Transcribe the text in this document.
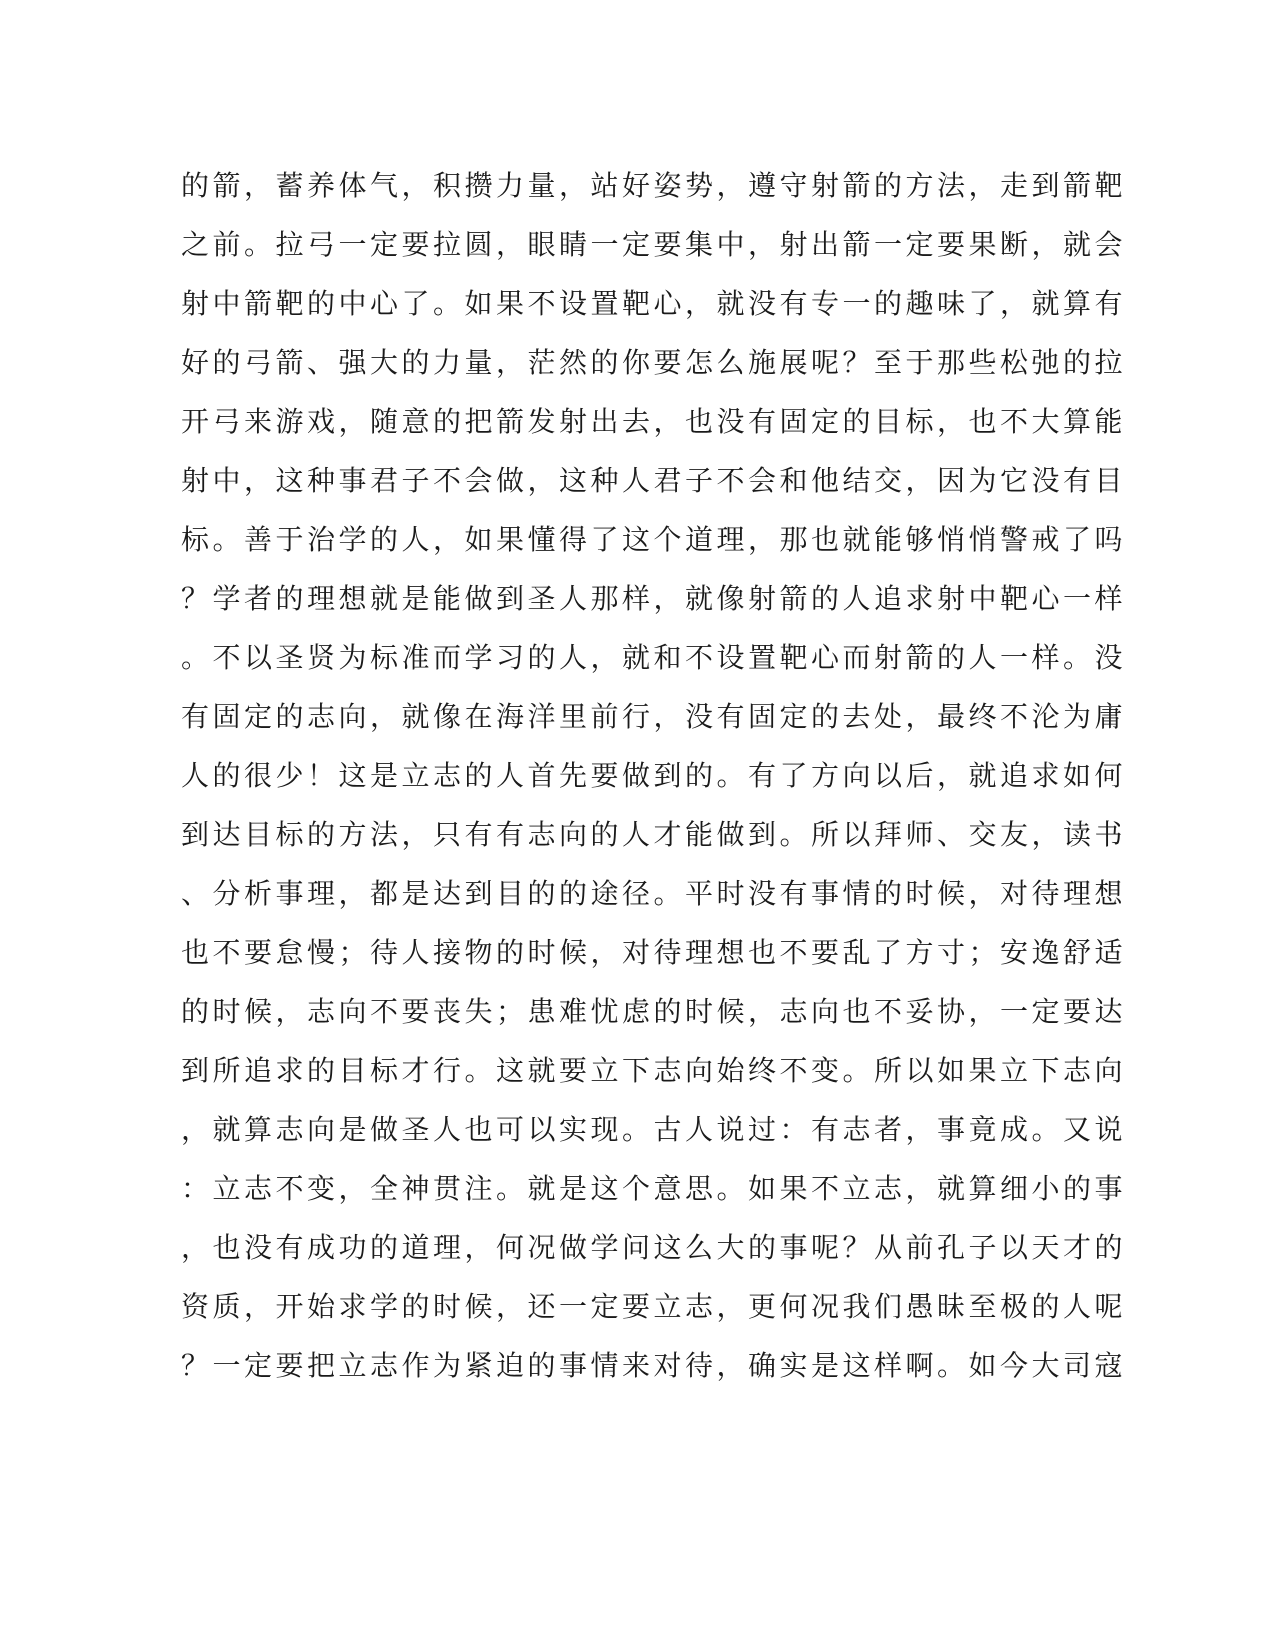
的箭，蓄养体气，积攒力量，站好姿势，遵守射箭的方法，走到箭靶
之前。拉弓一定要拉圆，眼睛一定要集中，射出箭一定要果断，就会
射中箭靶的中心了。如果不设置靶心，就没有专一的趣味了，就算有
好的弓箭、强大的力量，茫然的你要怎么施展呢？至于那些松弛的拉
开弓来游戏，随意的把箭发射出去，也没有固定的目标，也不大算能
射中，这种事君子不会做，这种人君子不会和他结交，因为它没有目
标。善于治学的人，如果懂得了这个道理，那也就能够悄悄警戒了吗
？学者的理想就是能做到圣人那样，就像射箭的人追求射中靶心一样
。不以圣贤为标准而学习的人，就和不设置靶心而射箭的人一样。没
有固定的志向，就像在海洋里前行，没有固定的去处，最终不沦为庸
人的很少！这是立志的人首先要做到的。有了方向以后，就追求如何
到达目标的方法，只有有志向的人才能做到。所以拜师、交友，读书
、分析事理，都是达到目的的途径。平时没有事情的时候，对待理想
也不要怠慢；待人接物的时候，对待理想也不要乱了方寸；安逸舒适
的时候，志向不要丧失；患难忧虑的时候，志向也不妥协，一定要达
到所追求的目标才行。这就要立下志向始终不变。所以如果立下志向
，就算志向是做圣人也可以实现。古人说过：有志者，事竟成。又说
：立志不变，全神贯注。就是这个意思。如果不立志，就算细小的事
，也没有成功的道理，何况做学问这么大的事呢？从前孔子以天才的
资质，开始求学的时候，还一定要立志，更何况我们愚昧至极的人呢
？一定要把立志作为紧迫的事情来对待，确实是这样啊。如今大司寇
